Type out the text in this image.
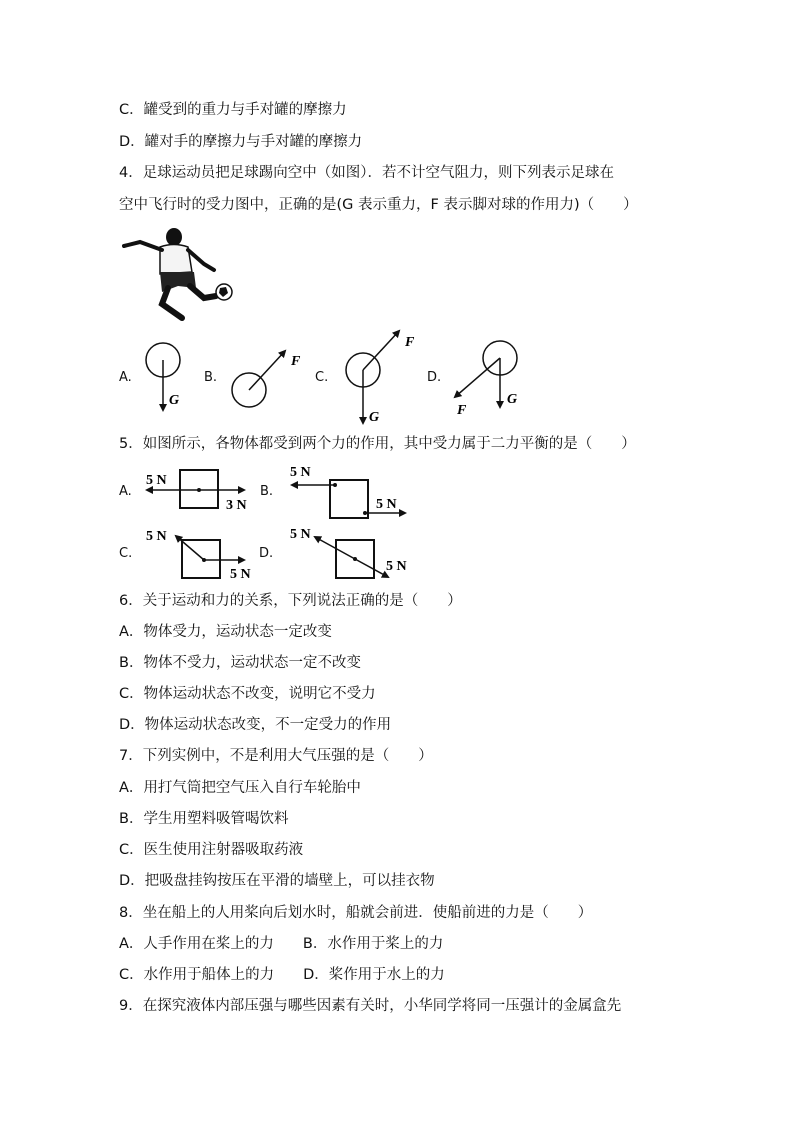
C．罐受到的重力与手对罐的摩擦力
D．罐对手的摩擦力与手对罐的摩擦力
4．足球运动员把足球踢向空中（如图）．若不计空气阻力，则下列表示足球在
空中飞行时的受力图中，正确的是(G 表示重力，F 表示脚对球的作用力)（　　）
A.	B.	C.	D.
G
F
F
G
G
F
5．如图所示，各物体都受到两个力的作用，其中受力属于二力平衡的是（　　）
A.	B.
C.	D.
5 N
3 N
5 N
5 N
5 N
5 N
5 N
5 N
6．关于运动和力的关系，下列说法正确的是（　　）
A．物体受力，运动状态一定改变
B．物体不受力，运动状态一定不改变
C．物体运动状态不改变，说明它不受力
D．物体运动状态改变，不一定受力的作用
7．下列实例中，不是利用大气压强的是（　　）
A．用打气筒把空气压入自行车轮胎中
B．学生用塑料吸管喝饮料
C．医生使用注射器吸取药液
D．把吸盘挂钩按压在平滑的墙壁上，可以挂衣物
8．坐在船上的人用桨向后划水时，船就会前进．使船前进的力是（　　）
A．人手作用在桨上的力　　B．水作用于桨上的力
C．水作用于船体上的力　　D．桨作用于水上的力
9．在探究液体内部压强与哪些因素有关时，小华同学将同一压强计的金属盒先
